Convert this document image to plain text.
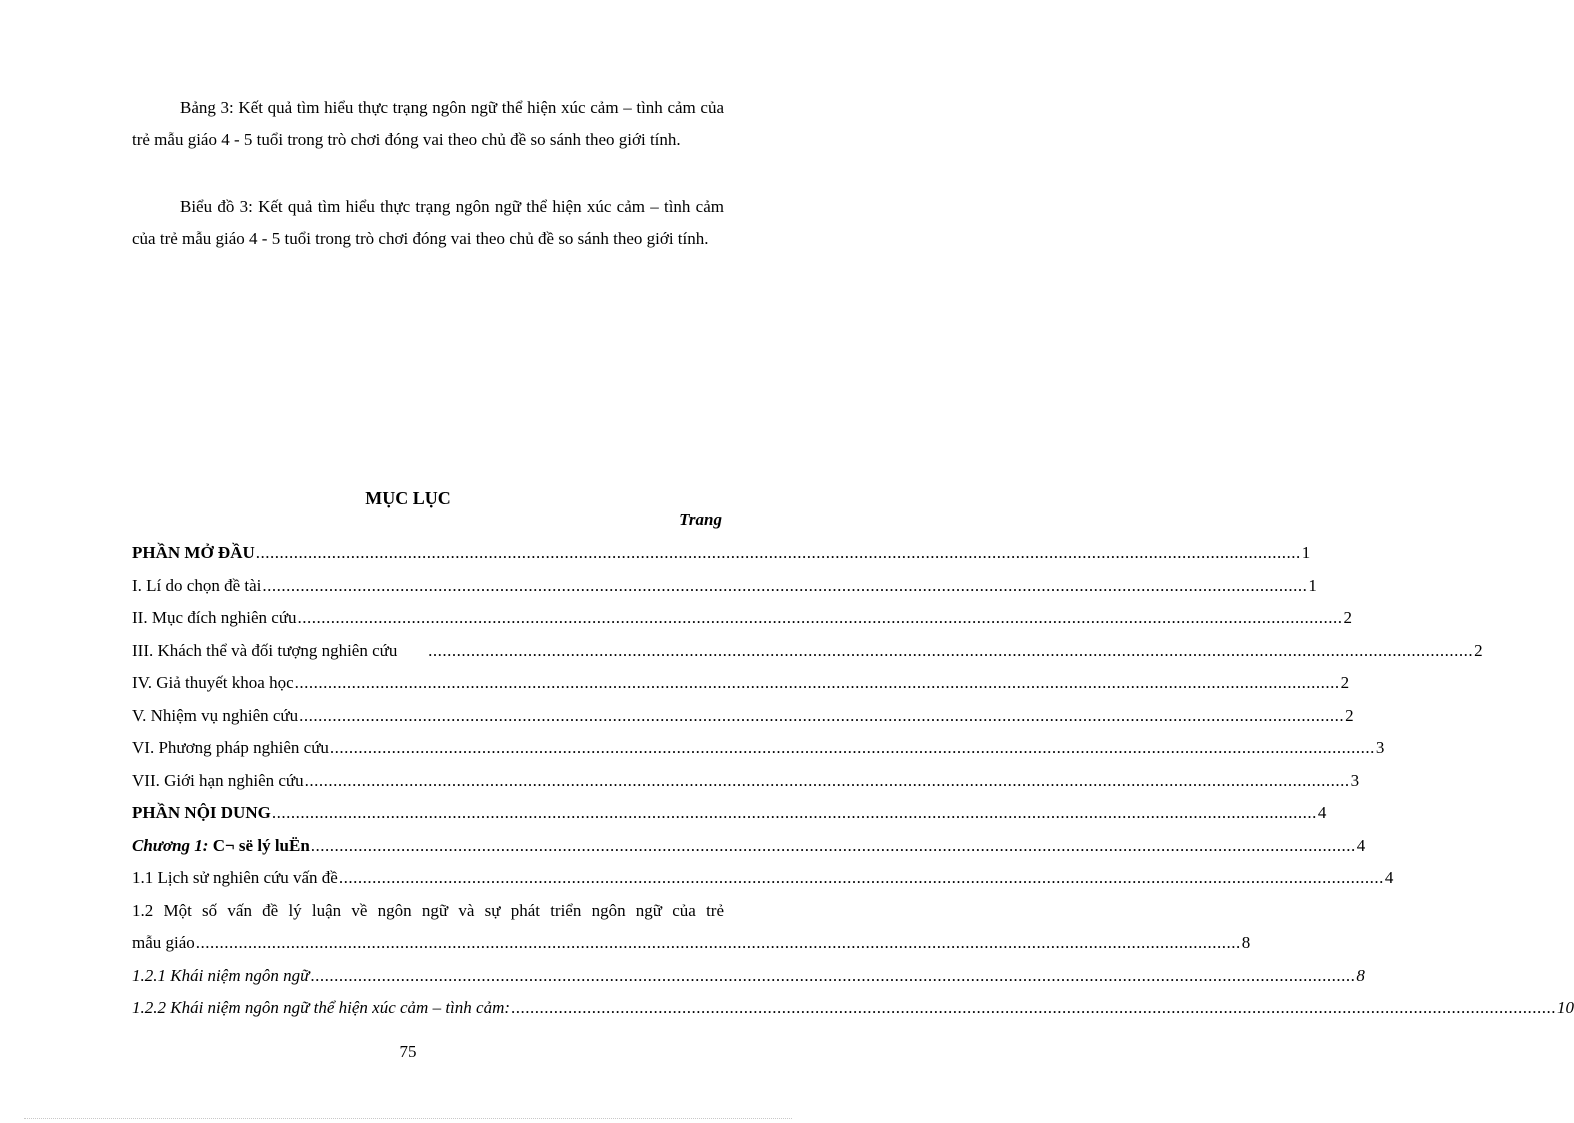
Bảng 3: Kết quả tìm hiểu thực trạng ngôn ngữ thể hiện xúc cảm – tình cảm của trẻ mẫu giáo 4 - 5 tuổi trong trò chơi đóng vai theo chủ đề so sánh theo giới tính.

Biểu đồ 3: Kết quả tìm hiểu thực trạng ngôn ngữ thể hiện xúc cảm – tình cảm của trẻ mẫu giáo 4 - 5 tuổi trong trò chơi đóng vai theo chủ đề so sánh theo giới tính.

MỤC LỤC
Trang
PHẦN MỞ ĐẦU ............................................................................................................................................................................................................................ 1
I. Lí do chọn đề tài ............................................................................................................................................................................................................................ 1
II. Mục đích nghiên cứu ............................................................................................................................................................................................................................ 2
III. Khách thể và đối tượng nghiên cứu ............................................................................................................................................................................................................................ 2
IV. Giả thuyết khoa học ............................................................................................................................................................................................................................ 2
V. Nhiệm vụ nghiên cứu ............................................................................................................................................................................................................................ 2
VI. Phương pháp nghiên cứu ............................................................................................................................................................................................................................ 3
VII. Giới hạn nghiên cứu ............................................................................................................................................................................................................................ 3
PHẦN NỘI DUNG ............................................................................................................................................................................................................................ 4
Chương 1: C¬ së lý luËn ............................................................................................................................................................................................................................ 4
1.1 Lịch sử nghiên cứu vấn đề ............................................................................................................................................................................................................................ 4
1.2 Một số vấn đề lý luận về ngôn ngữ và sự phát triển ngôn ngữ của trẻ
mẫu giáo ............................................................................................................................................................................................................................ 8
1.2.1 Khái niệm ngôn ngữ ............................................................................................................................................................................................................................ 8
1.2.2 Khái niệm ngôn ngữ thể hiện xúc cảm – tình cảm: ............................................................................................................................................................................................................................ 10
75
